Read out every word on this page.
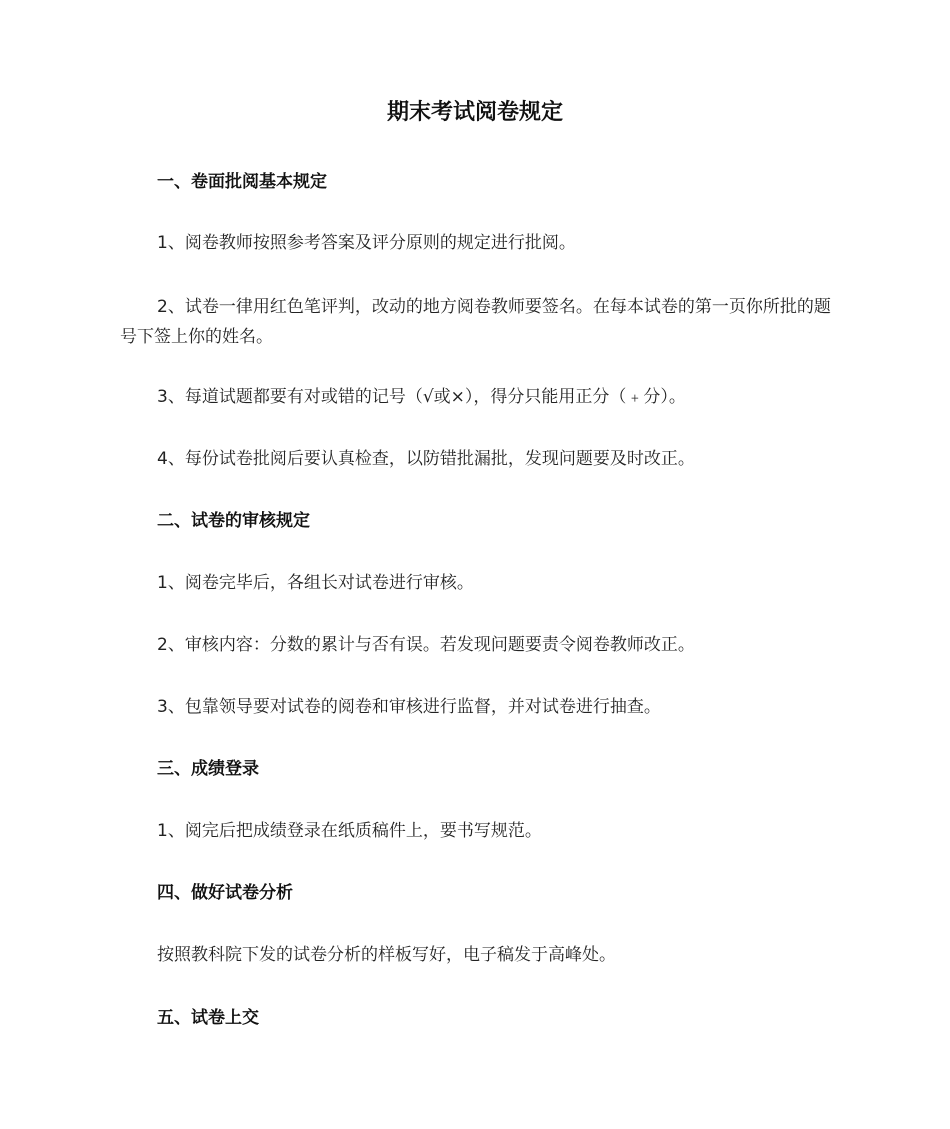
期末考试阅卷规定
一、卷面批阅基本规定
1、阅卷教师按照参考答案及评分原则的规定进行批阅。
2、试卷一律用红色笔评判，改动的地方阅卷教师要签名。在每本试卷的第一页你所批的题号下签上你的姓名。
3、每道试题都要有对或错的记号（√或×），得分只能用正分（﹢分）。
4、每份试卷批阅后要认真检查，以防错批漏批，发现问题要及时改正。
二、试卷的审核规定
1、阅卷完毕后，各组长对试卷进行审核。
2、审核内容：分数的累计与否有误。若发现问题要责令阅卷教师改正。
3、包靠领导要对试卷的阅卷和审核进行监督，并对试卷进行抽查。
三、成绩登录
1、阅完后把成绩登录在纸质稿件上，要书写规范。
四、做好试卷分析
按照教科院下发的试卷分析的样板写好，电子稿发于高峰处。
五、试卷上交
